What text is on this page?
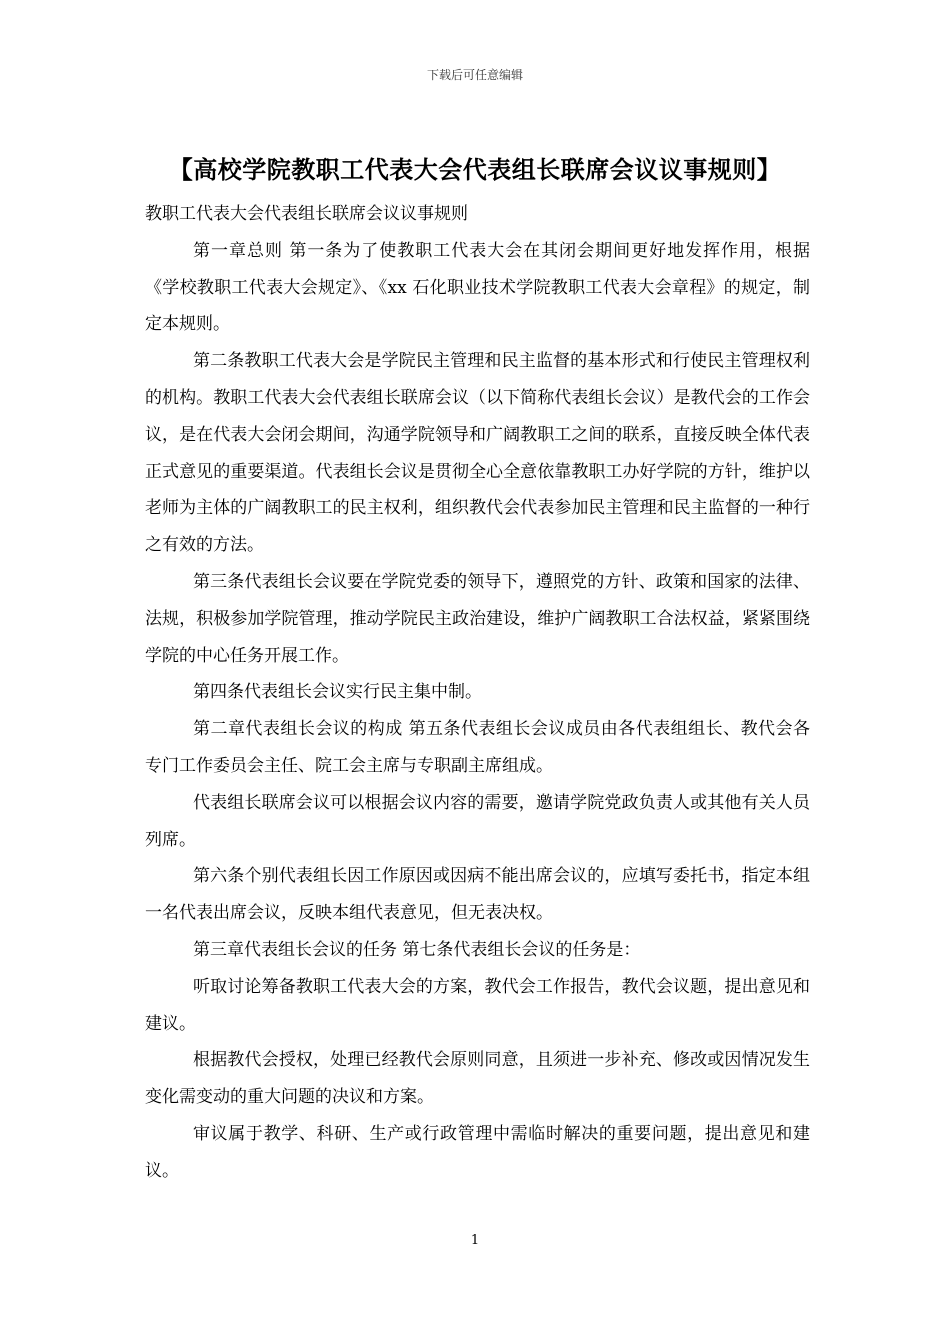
下载后可任意编辑
【高校学院教职工代表大会代表组长联席会议议事规则】

教职工代表大会代表组长联席会议议事规则

第一章总则 第一条为了使教职工代表大会在其闭会期间更好地发挥作用，根据《学校教职工代表大会规定》、《xx 石化职业技术学院教职工代表大会章程》的规定，制定本规则。

第二条教职工代表大会是学院民主管理和民主监督的基本形式和行使民主管理权利的机构。教职工代表大会代表组长联席会议（以下简称代表组长会议）是教代会的工作会议，是在代表大会闭会期间，沟通学院领导和广阔教职工之间的联系，直接反映全体代表正式意见的重要渠道。代表组长会议是贯彻全心全意依靠教职工办好学院的方针，维护以老师为主体的广阔教职工的民主权利，组织教代会代表参加民主管理和民主监督的一种行之有效的方法。

第三条代表组长会议要在学院党委的领导下，遵照党的方针、政策和国家的法律、法规，积极参加学院管理，推动学院民主政治建设，维护广阔教职工合法权益，紧紧围绕学院的中心任务开展工作。

第四条代表组长会议实行民主集中制。

第二章代表组长会议的构成 第五条代表组长会议成员由各代表组组长、教代会各专门工作委员会主任、院工会主席与专职副主席组成。

代表组长联席会议可以根据会议内容的需要，邀请学院党政负责人或其他有关人员列席。

第六条个别代表组长因工作原因或因病不能出席会议的，应填写委托书，指定本组一名代表出席会议，反映本组代表意见，但无表决权。

第三章代表组长会议的任务 第七条代表组长会议的任务是：

听取讨论筹备教职工代表大会的方案，教代会工作报告，教代会议题，提出意见和建议。

根据教代会授权，处理已经教代会原则同意，且须进一步补充、修改或因情况发生变化需变动的重大问题的决议和方案。

审议属于教学、科研、生产或行政管理中需临时解决的重要问题，提出意见和建议。

1
